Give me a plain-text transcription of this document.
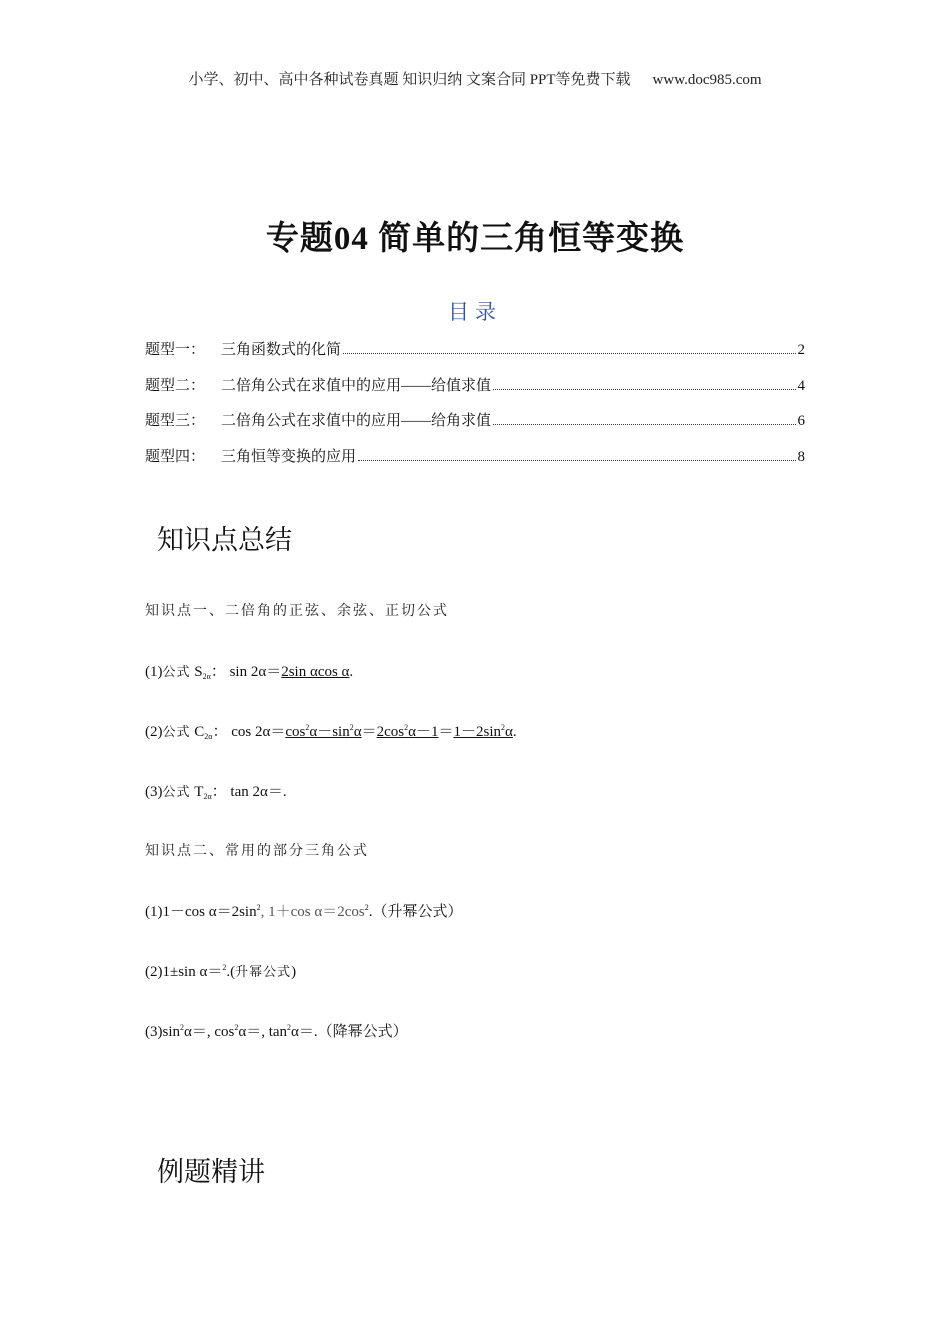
小学、初中、高中各种试卷真题 知识归纳 文案合同 PPT等免费下载 www.doc985.com
专题04 简单的三角恒等变换
目录
题型一：	三角函数式的化简	2
题型二：	二倍角公式在求值中的应用——给值求值	4
题型三：	二倍角公式在求值中的应用——给角求值	6
题型四：	三角恒等变换的应用	8
知识点总结
知识点一、二倍角的正弦、余弦、正切公式
(1)公式 $S_{2\alpha}$： sin 2α＝2sin αcos α.
(2)公式 $C_{2\alpha}$： $\cos 2\alpha=\cos^2\alpha-\sin^2\alpha=2\cos^2\alpha-1=1-2\sin^2\alpha$.
(3)公式 $T_{2\alpha}$： tan 2α＝.
知识点二、常用的部分三角公式
(1)1－cos $\alpha=2\sin^2$, 1＋cos $\alpha=2\cos^2$.（升幂公式）
(2)1±sin α＝$^2$.(升幂公式)
$(3)\sin^2\alpha=$, $\cos^2\alpha=$, $\tan^2\alpha=$.（降幂公式）
例题精讲
